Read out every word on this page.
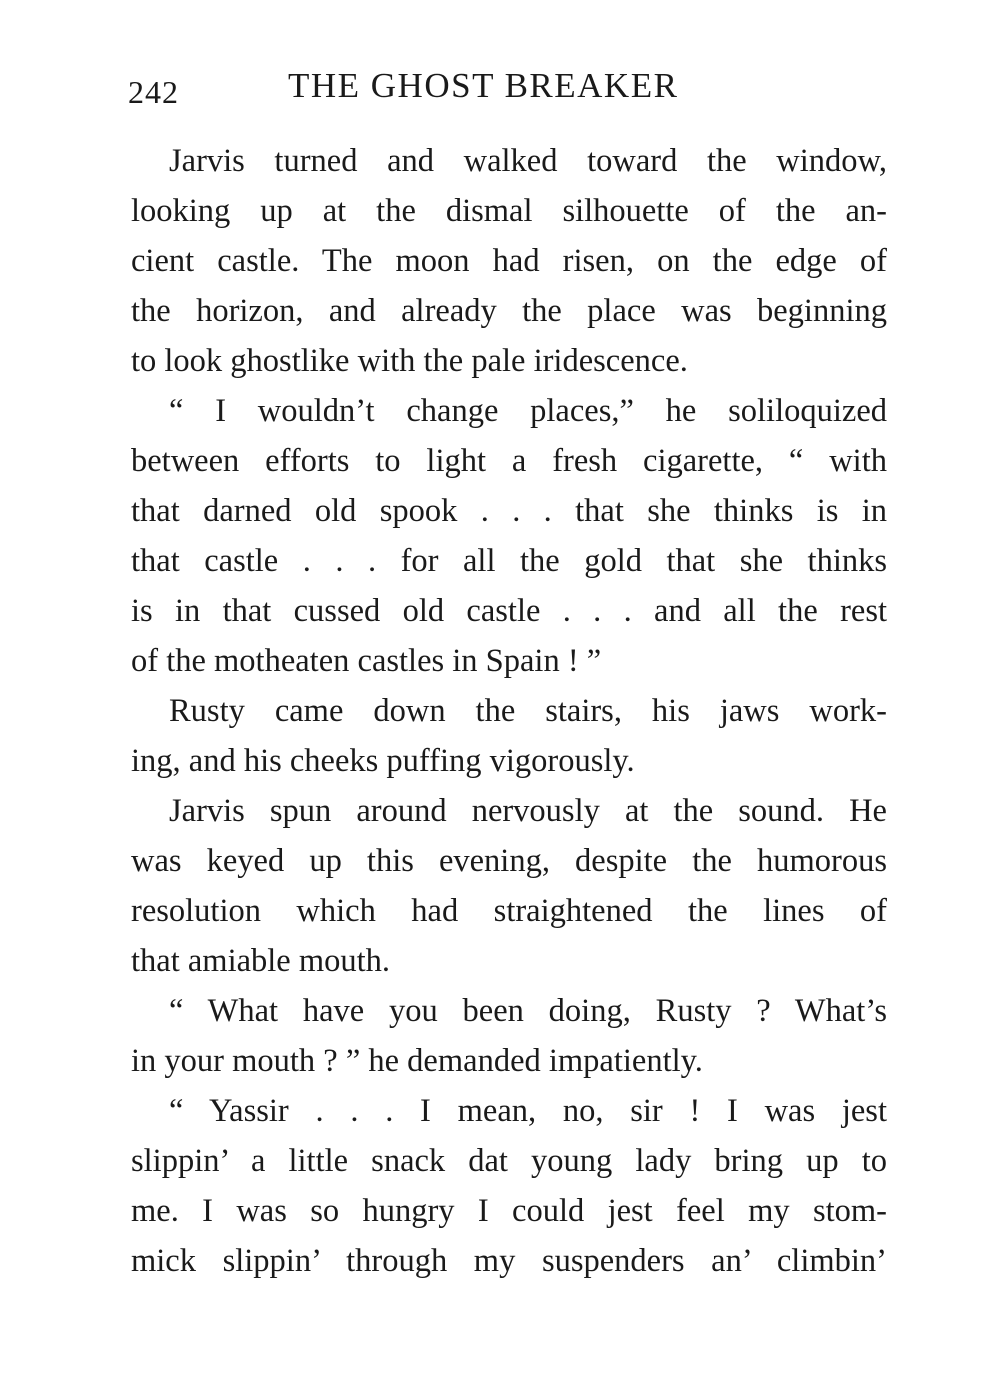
242	THE GHOST BREAKER
Jarvis turned and walked toward the window,
looking up at the dismal silhouette of the an-
cient castle. The moon had risen, on the edge of
the horizon, and already the place was beginning
to look ghostlike with the pale iridescence.
“ I wouldn’t change places,” he soliloquized
between efforts to light a fresh cigarette, “ with
that darned old spook . . . that she thinks is in
that castle . . . for all the gold that she thinks
is in that cussed old castle . . . and all the rest
of the motheaten castles in Spain ! ”
Rusty came down the stairs, his jaws work-
ing, and his cheeks puffing vigorously.
Jarvis spun around nervously at the sound. He
was keyed up this evening, despite the humorous
resolution which had straightened the lines of
that amiable mouth.
“ What have you been doing, Rusty ? What’s
in your mouth ? ” he demanded impatiently.
“ Yassir . . . I mean, no, sir ! I was jest
slippin’ a little snack dat young lady bring up to
me. I was so hungry I could jest feel my stom-
mick slippin’ through my suspenders an’ climbin’
